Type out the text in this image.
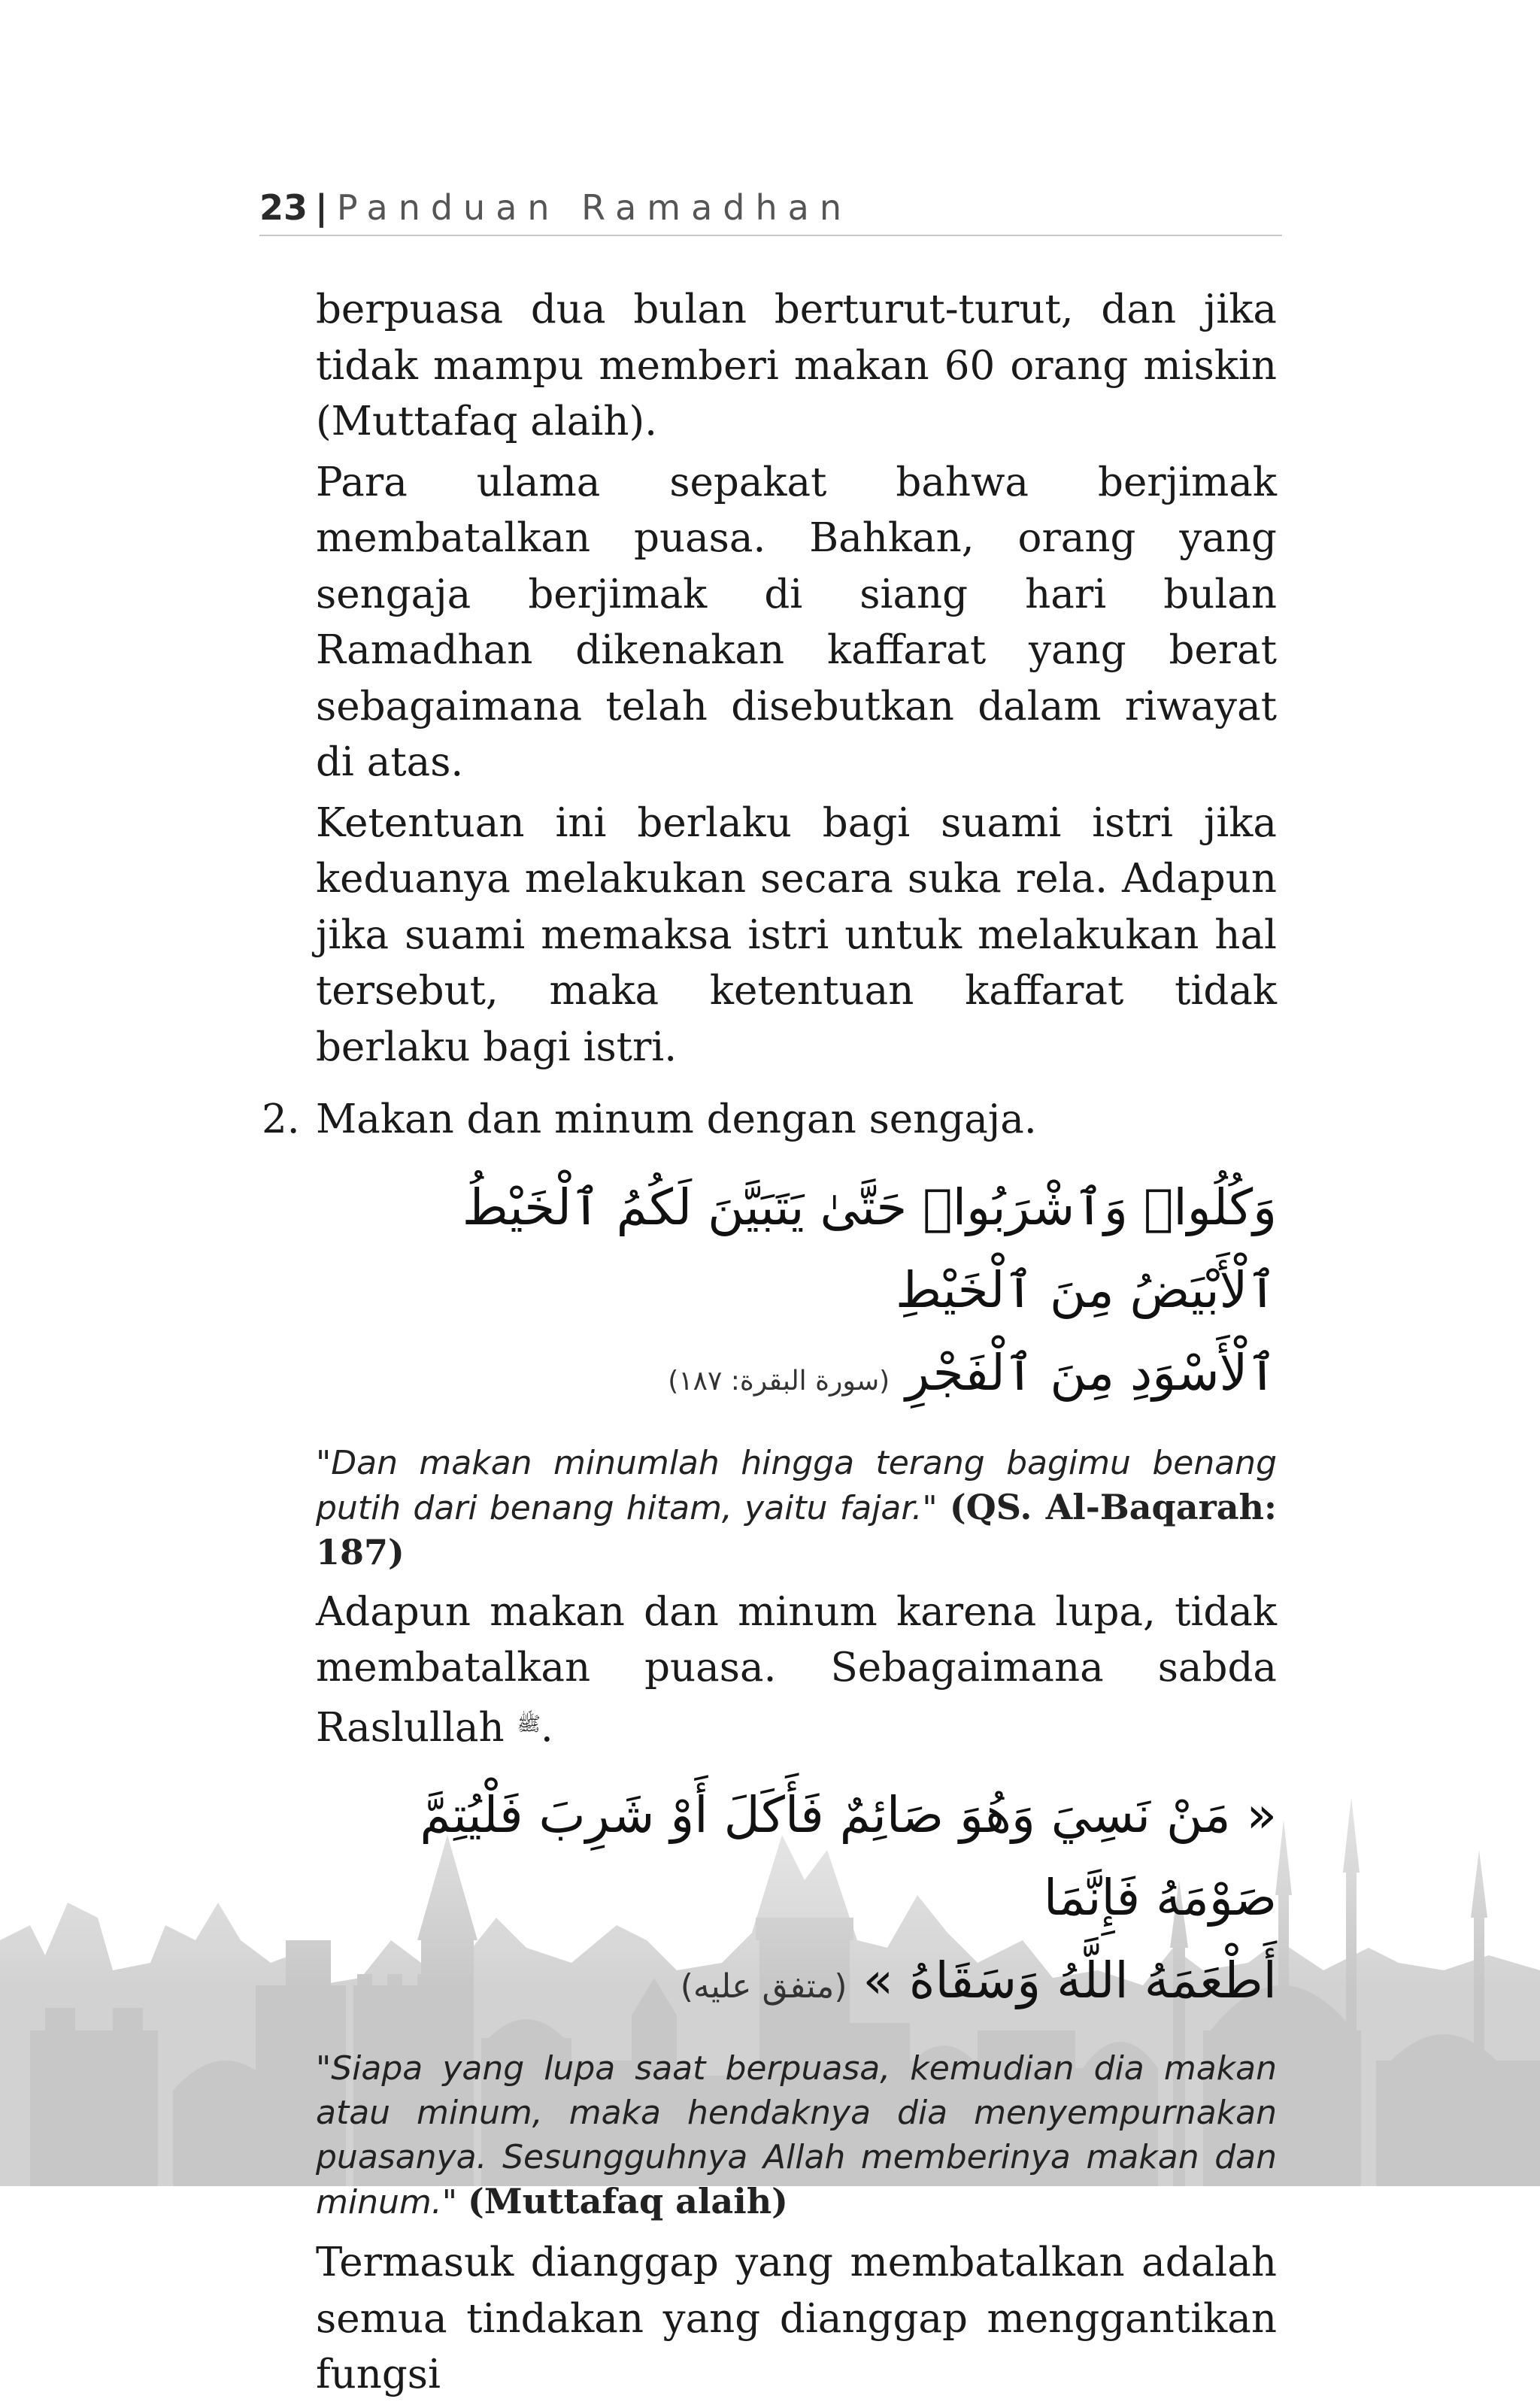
23 | Panduan Ramadhan

berpuasa dua bulan berturut-turut, dan jika tidak mampu memberi makan 60 orang miskin (Muttafaq alaih).

Para ulama sepakat bahwa berjimak membatalkan puasa. Bahkan, orang yang sengaja berjimak di siang hari bulan Ramadhan dikenakan kaffarat yang berat sebagaimana telah disebutkan dalam riwayat di atas.

Ketentuan ini berlaku bagi suami istri jika keduanya melakukan secara suka rela. Adapun jika suami memaksa istri untuk melakukan hal tersebut, maka ketentuan kaffarat tidak berlaku bagi istri.

2. Makan dan minum dengan sengaja.
وَكُلُوا۟ وَٱشْرَبُوا۟ حَتَّىٰ يَتَبَيَّنَ لَكُمُ ٱلْخَيْطُ ٱلْأَبْيَضُ مِنَ ٱلْخَيْطِ
ٱلْأَسْوَدِ مِنَ ٱلْفَجْرِ (سورة البقرة: ١٨٧)
"Dan makan minumlah hingga terang bagimu benang putih dari benang hitam, yaitu fajar." (QS. Al-Baqarah: 187)

Adapun makan dan minum karena lupa, tidak membatalkan puasa. Sebagaimana sabda Raslullah $^ﷺ$.

« مَنْ نَسِيَ وَهُوَ صَائِمٌ فَأَكَلَ أَوْ شَرِبَ فَلْيُتِمَّ صَوْمَهُ فَإِنَّمَا
أَطْعَمَهُ اللَّهُ وَسَقَاهُ » (متفق عليه)
"Siapa yang lupa saat berpuasa, kemudian dia makan atau minum, maka hendaknya dia menyempurnakan puasanya. Sesungguhnya Allah memberinya makan dan minum." (Muttafaq alaih)

Termasuk dianggap yang membatalkan adalah semua tindakan yang dianggap menggantikan fungsi
